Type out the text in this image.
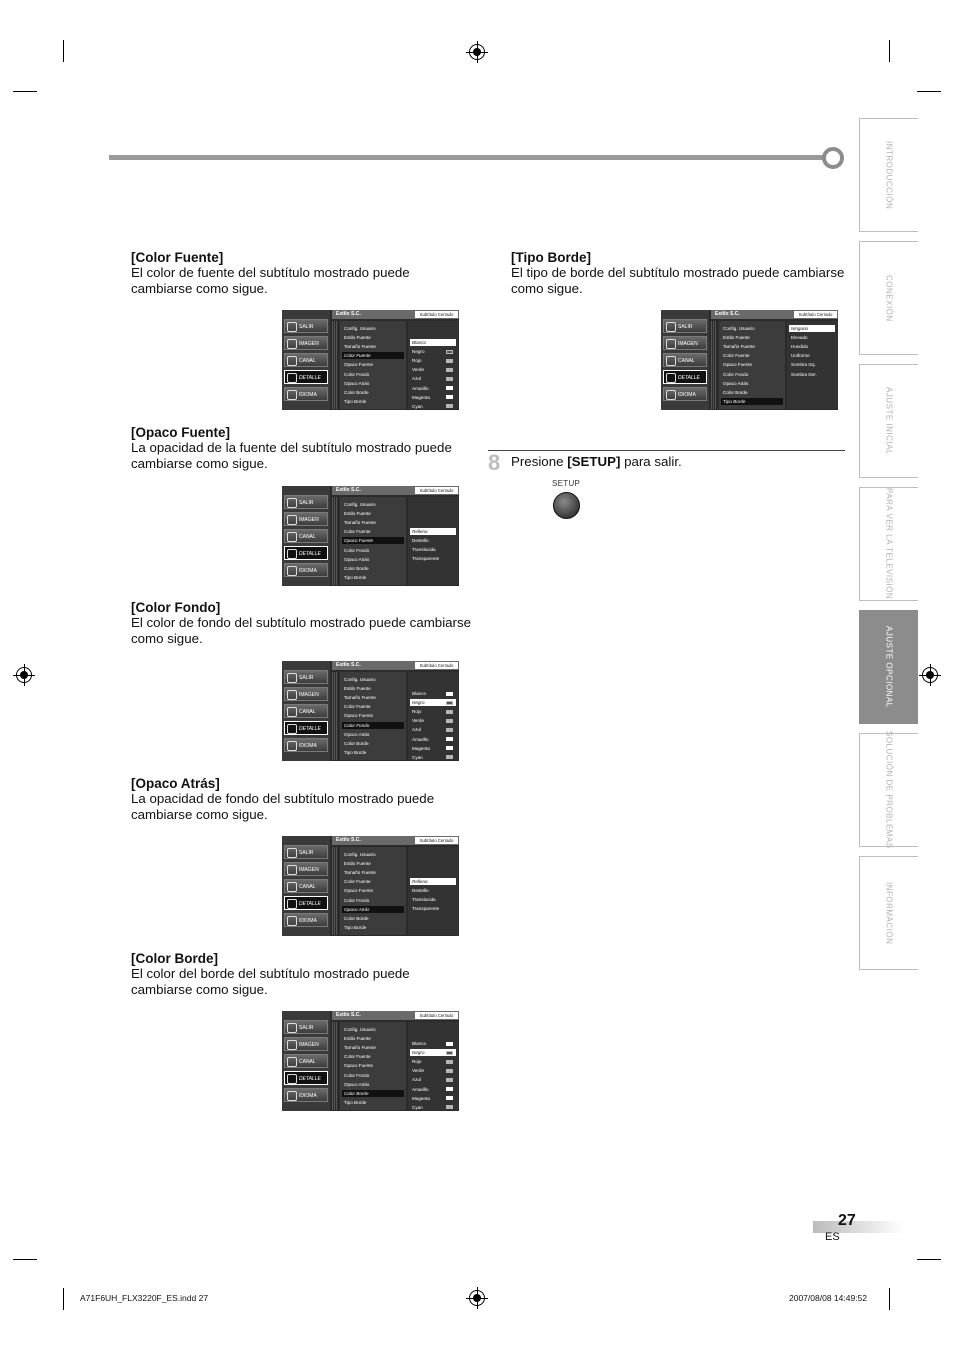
INTRODUCCIÓN
CONEXIÓN
AJUSTE INICIAL
PARA VER LA TELEVISIÓN
AJUSTE OPCIONAL
SOLUCIÓN DE PROBLEMAS
INFORMACIÓN
[Color Fuente]
El color de fuente del subtítulo mostrado puede cambiarse como sigue.
[Opaco Fuente]
La opacidad de la fuente del subtítulo mostrado puede cambiarse como sigue.
[Color Fondo]
El color de fondo del subtítulo mostrado puede cambiarse como sigue.
[Opaco Atrás]
La opacidad de fondo del subtítulo mostrado puede cambiarse como sigue.
[Color Borde]
El color del borde del subtítulo mostrado puede cambiarse como sigue.
[Tipo Borde]
El tipo de borde del subtítulo mostrado puede cambiarse como sigue.
SALIR
IMAGEN
CANAL
DETALLE
IDIOMA
Estilo S.C.	Subtítulo Cerrado
Config. Usuario
Estilo Fuente
Tamaño Fuente
Color Fuente
Opaco Fuente
Color Fondo
Opaco Atrás
Color Borde
Tipo Borde
Blanco
Negro
Rojo
Verde
Azul
Amarillo
Magenta
Cyan
SALIR
IMAGEN
CANAL
DETALLE
IDIOMA
Estilo S.C.	Subtítulo Cerrado
Config. Usuario
Estilo Fuente
Tamaño Fuente
Color Fuente
Opaco Fuente
Color Fondo
Opaco Atrás
Color Borde
Tipo Borde
Rellena
Destello
Translucida
Transparente
SALIR
IMAGEN
CANAL
DETALLE
IDIOMA
Estilo S.C.	Subtítulo Cerrado
Config. Usuario
Estilo Fuente
Tamaño Fuente
Color Fuente
Opaco Fuente
Color Fondo
Opaco Atrás
Color Borde
Tipo Borde
Blanco
Negro
Rojo
Verde
Azul
Amarillo
Magenta
Cyan
SALIR
IMAGEN
CANAL
DETALLE
IDIOMA
Estilo S.C.	Subtítulo Cerrado
Config. Usuario
Estilo Fuente
Tamaño Fuente
Color Fuente
Opaco Fuente
Color Fondo
Opaco Atrás
Color Borde
Tipo Borde
Rellena
Destello
Translucida
Transparente
SALIR
IMAGEN
CANAL
DETALLE
IDIOMA
Estilo S.C.	Subtítulo Cerrado
Config. Usuario
Estilo Fuente
Tamaño Fuente
Color Fuente
Opaco Fuente
Color Fondo
Opaco Atrás
Color Borde
Tipo Borde
Blanco
Negro
Rojo
Verde
Azul
Amarillo
Magenta
Cyan
SALIR
IMAGEN
CANAL
DETALLE
IDIOMA
Estilo S.C.	Subtítulo Cerrado
Config. Usuario
Estilo Fuente
Tamaño Fuente
Color Fuente
Opaco Fuente
Color Fondo
Opaco Atrás
Color Borde
Tipo Borde
Ninguno
Elevado
Hundido
Uniforme
Sombra Izq.
Sombra Der.
8 Presione [SETUP] para salir.
SETUP
27
ES
A71F6UH_FLX3220F_ES.indd 27	2007/08/08 14:49:52
